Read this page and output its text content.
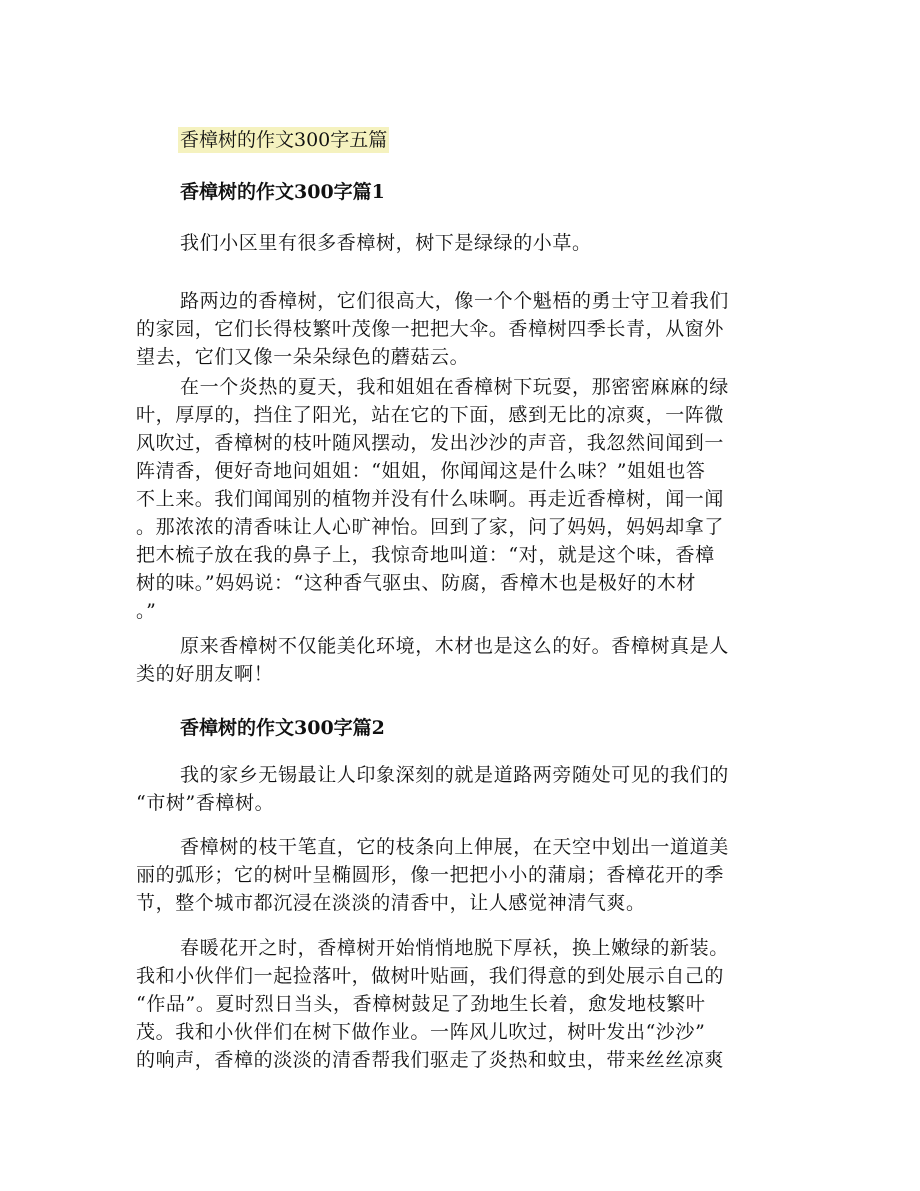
香樟树的作文300字五篇
香樟树的作文300字篇1
我们小区里有很多香樟树，树下是绿绿的小草。
路两边的香樟树，它们很高大，像一个个魁梧的勇士守卫着我们
的家园，它们长得枝繁叶茂像一把把大伞。香樟树四季长青，从窗外
望去，它们又像一朵朵绿色的蘑菇云。
在一个炎热的夏天，我和姐姐在香樟树下玩耍，那密密麻麻的绿
叶，厚厚的，挡住了阳光，站在它的下面，感到无比的凉爽，一阵微
风吹过，香樟树的枝叶随风摆动，发出沙沙的声音，我忽然间闻到一
阵清香，便好奇地问姐姐：“姐姐，你闻闻这是什么味？”姐姐也答
不上来。我们闻闻别的植物并没有什么味啊。再走近香樟树，闻一闻
。那浓浓的清香味让人心旷神怡。回到了家，问了妈妈，妈妈却拿了
把木梳子放在我的鼻子上，我惊奇地叫道：“对，就是这个味，香樟
树的味。”妈妈说：“这种香气驱虫、防腐，香樟木也是极好的木材
。”
原来香樟树不仅能美化环境，木材也是这么的好。香樟树真是人
类的好朋友啊！
香樟树的作文300字篇2
我的家乡无锡最让人印象深刻的就是道路两旁随处可见的我们的
“市树”香樟树。
香樟树的枝干笔直，它的枝条向上伸展，在天空中划出一道道美
丽的弧形；它的树叶呈椭圆形，像一把把小小的蒲扇；香樟花开的季
节，整个城市都沉浸在淡淡的清香中，让人感觉神清气爽。
春暖花开之时，香樟树开始悄悄地脱下厚袄，换上嫩绿的新装。
我和小伙伴们一起捡落叶，做树叶贴画，我们得意的到处展示自己的
“作品”。夏时烈日当头，香樟树鼓足了劲地生长着，愈发地枝繁叶
茂。我和小伙伴们在树下做作业。一阵风儿吹过，树叶发出“沙沙”
的响声，香樟的淡淡的清香帮我们驱走了炎热和蚊虫，带来丝丝凉爽
